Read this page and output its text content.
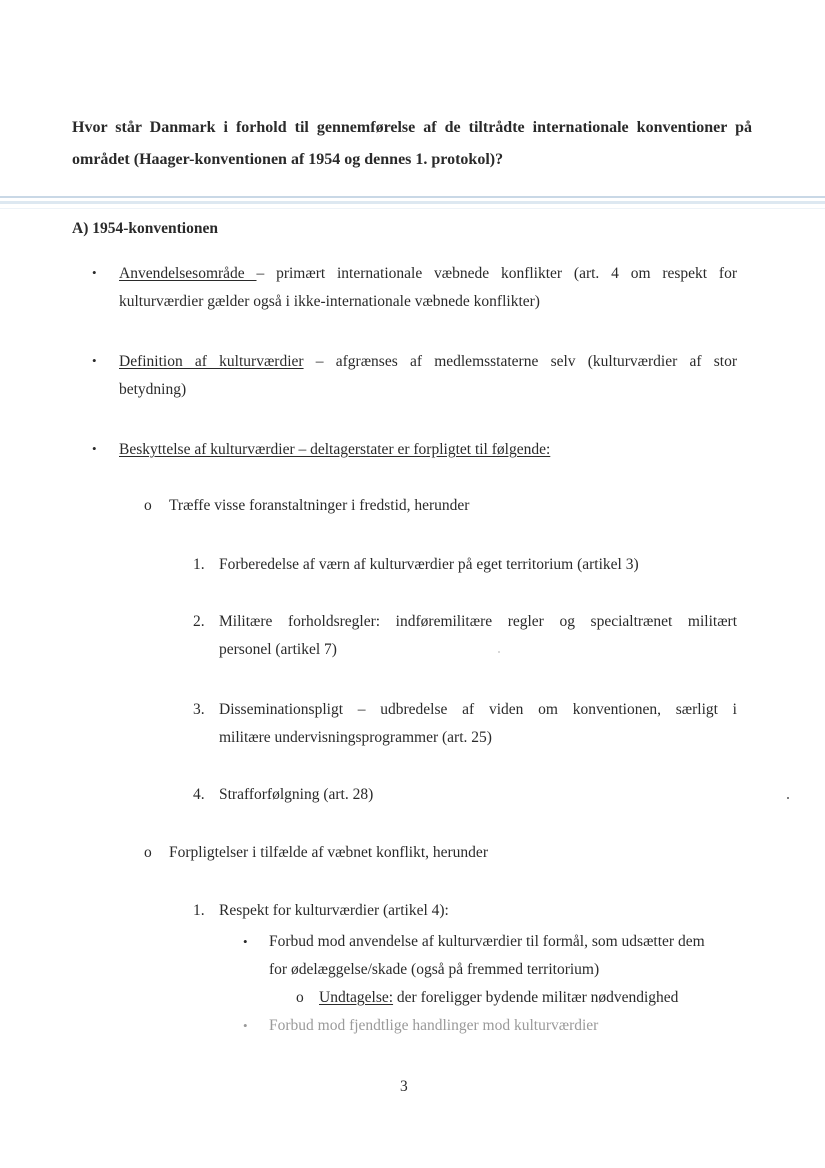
Hvor står Danmark i forhold til gennemførelse af de tiltrådte internationale konventioner på området (Haager-konventionen af 1954 og dennes 1. protokol)?
A) 1954-konventionen
• Anvendelsesområde – primært internationale væbnede konflikter (art. 4 om respekt for
kulturværdier gælder også i ikke-internationale væbnede konflikter)
• Definition af kulturværdier – afgrænses af medlemsstaterne selv (kulturværdier af stor
betydning)
• Beskyttelse af kulturværdier – deltagerstater er forpligtet til følgende:
o Træffe visse foranstaltninger i fredstid, herunder
1. Forberedelse af værn af kulturværdier på eget territorium (artikel 3)
2. Militære forholdsregler: indføremilitære regler og specialtrænet militært
personel (artikel 7)
3. Disseminationspligt – udbredelse af viden om konventionen, særligt i
militære undervisningsprogrammer (art. 25)
4. Strafforfølgning (art. 28)
o Forpligtelser i tilfælde af væbnet konflikt, herunder
1. Respekt for kulturværdier (artikel 4):
• Forbud mod anvendelse af kulturværdier til formål, som udsætter dem
for ødelæggelse/skade (også på fremmed territorium)
o Undtagelse: der foreligger bydende militær nødvendighed
• Forbud mod fjendtlige handlinger mod kulturværdier
3
